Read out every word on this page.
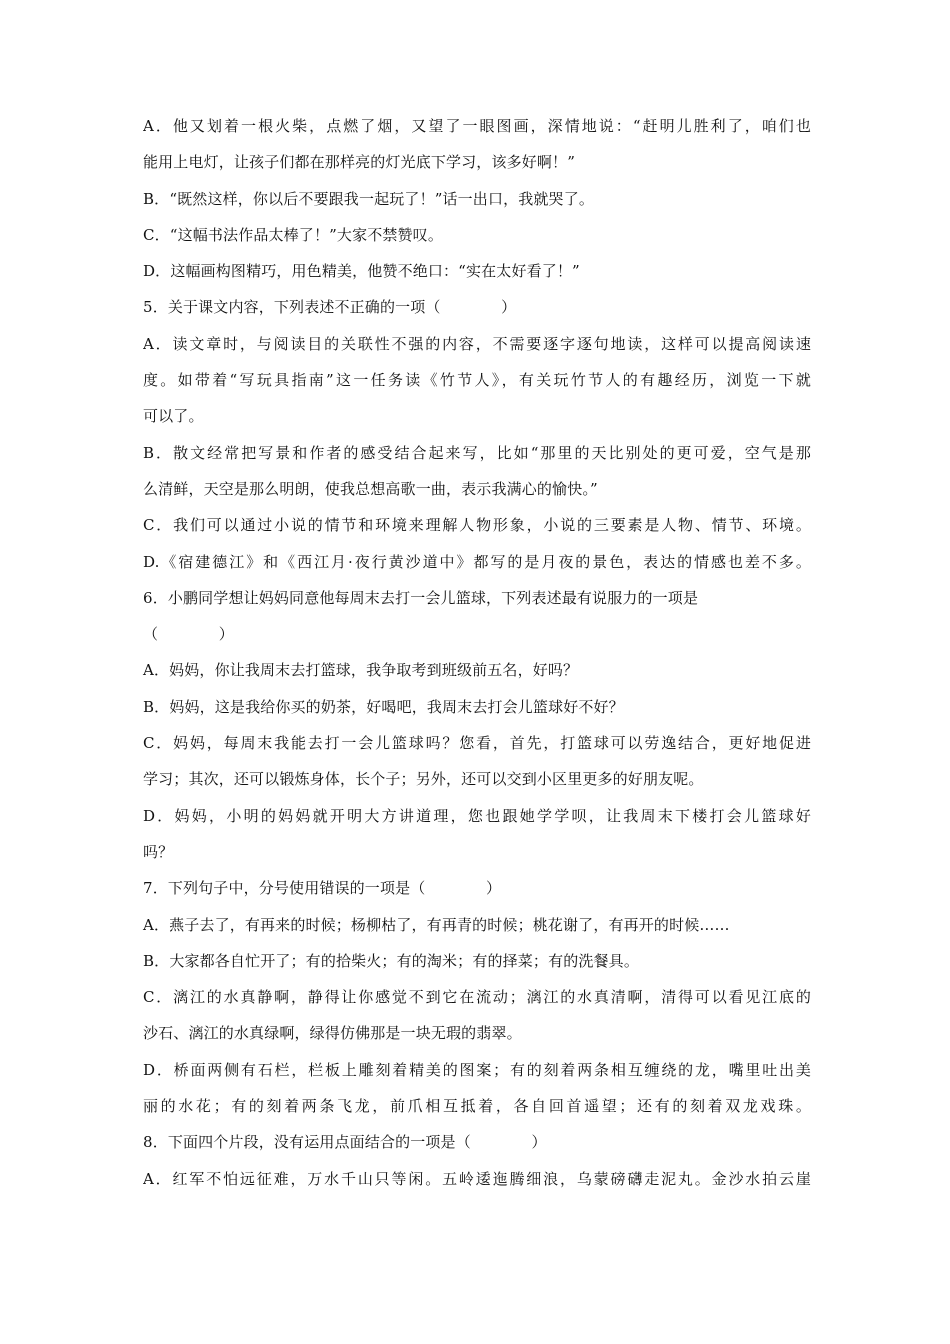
A．他又划着一根火柴，点燃了烟，又望了一眼图画，深情地说：“赶明儿胜利了，咱们也
能用上电灯，让孩子们都在那样亮的灯光底下学习，该多好啊！”
B．“既然这样，你以后不要跟我一起玩了！”话一出口，我就哭了。
C．“这幅书法作品太棒了！”大家不禁赞叹。
D．这幅画构图精巧，用色精美，他赞不绝口：“实在太好看了！”
5．关于课文内容，下列表述不正确的一项（　　　　）
A．读文章时，与阅读目的关联性不强的内容，不需要逐字逐句地读，这样可以提高阅读速
度。如带着“写玩具指南”这一任务读《竹节人》，有关玩竹节人的有趣经历，浏览一下就
可以了。
B．散文经常把写景和作者的感受结合起来写，比如“那里的天比别处的更可爱，空气是那
么清鲜，天空是那么明朗，使我总想高歌一曲，表示我满心的愉快。”
C．我们可以通过小说的情节和环境来理解人物形象，小说的三要素是人物、情节、环境。
D.《宿建德江》和《西江月·夜行黄沙道中》都写的是月夜的景色，表达的情感也差不多。
6．小鹏同学想让妈妈同意他每周末去打一会儿篮球，下列表述最有说服力的一项是
（　　　　）
A．妈妈，你让我周末去打篮球，我争取考到班级前五名，好吗？
B．妈妈，这是我给你买的奶茶，好喝吧，我周末去打会儿篮球好不好？
C．妈妈，每周末我能去打一会儿篮球吗？您看，首先，打篮球可以劳逸结合，更好地促进
学习；其次，还可以锻炼身体，长个子；另外，还可以交到小区里更多的好朋友呢。
D．妈妈，小明的妈妈就开明大方讲道理，您也跟她学学呗，让我周末下楼打会儿篮球好
吗？
7．下列句子中，分号使用错误的一项是（　　　　）
A．燕子去了，有再来的时候；杨柳枯了，有再青的时候；桃花谢了，有再开的时候……
B．大家都各自忙开了；有的拾柴火；有的淘米；有的择菜；有的洗餐具。
C．漓江的水真静啊，静得让你感觉不到它在流动；漓江的水真清啊，清得可以看见江底的
沙石、漓江的水真绿啊，绿得仿佛那是一块无瑕的翡翠。
D．桥面两侧有石栏，栏板上雕刻着精美的图案；有的刻着两条相互缠绕的龙，嘴里吐出美
丽的水花；有的刻着两条飞龙，前爪相互抵着，各自回首遥望；还有的刻着双龙戏珠。
8．下面四个片段，没有运用点面结合的一项是（　　　　）
A．红军不怕远征难，万水千山只等闲。五岭逶迤腾细浪，乌蒙磅礴走泥丸。金沙水拍云崖
